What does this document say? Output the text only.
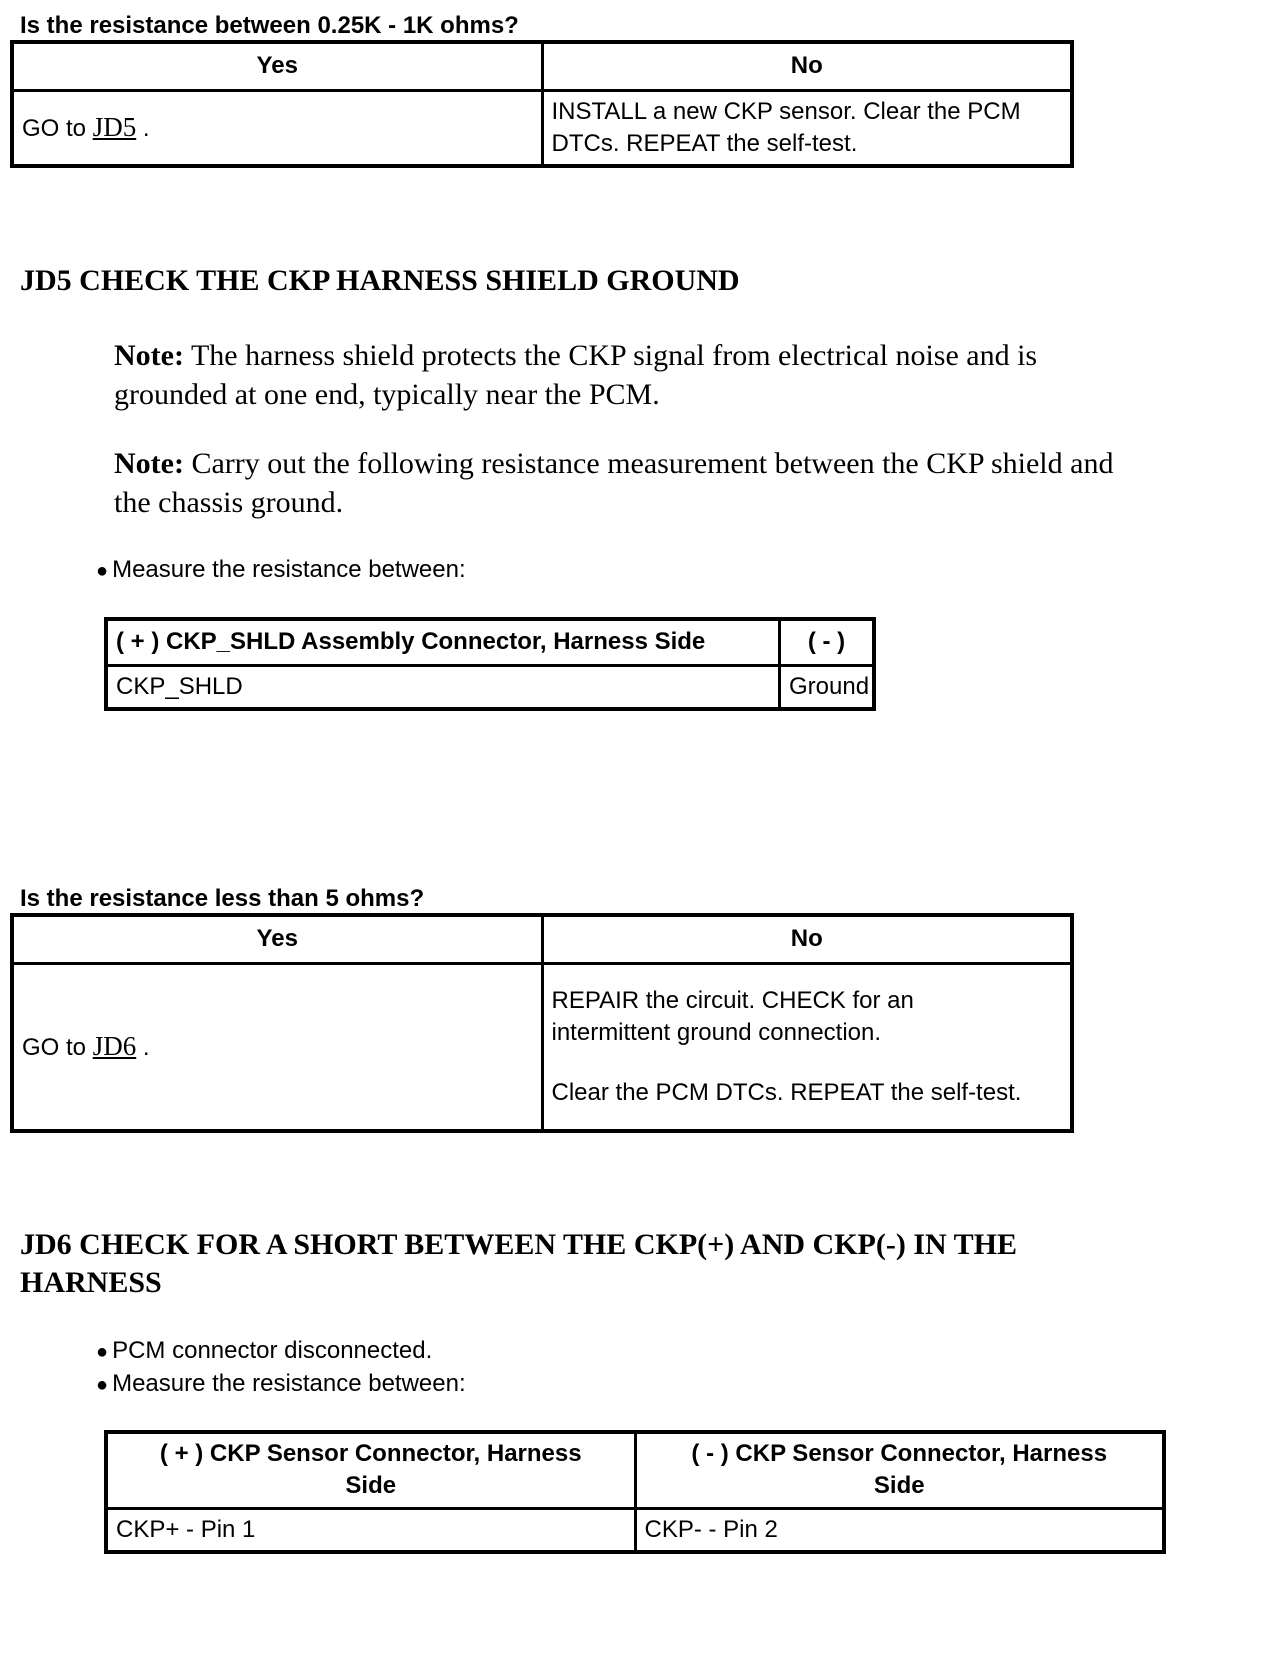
Is the resistance between 0.25K - 1K ohms?

Yes	No
GO to JD5 .	INSTALL a new CKP sensor. Clear the PCM DTCs. REPEAT the self-test.
JD5 CHECK THE CKP HARNESS SHIELD GROUND

Note: The harness shield protects the CKP signal from electrical noise and is grounded at one end, typically near the PCM.

Note: Carry out the following resistance measurement between the CKP shield and the chassis ground.

● Measure the resistance between:

( + ) CKP_SHLD Assembly Connector, Harness Side	( - )
CKP_SHLD	Ground

Is the resistance less than 5 ohms?

Yes	No
GO to JD6 .	REPAIR the circuit. CHECK for an intermittent ground connection.
Clear the PCM DTCs. REPEAT the self-test.
JD6 CHECK FOR A SHORT BETWEEN THE CKP(+) AND CKP(-) IN THE HARNESS

● PCM connector disconnected.

● Measure the resistance between:

( + ) CKP Sensor Connector, Harness Side	( - ) CKP Sensor Connector, Harness Side
CKP+ - Pin 1	CKP- - Pin 2
